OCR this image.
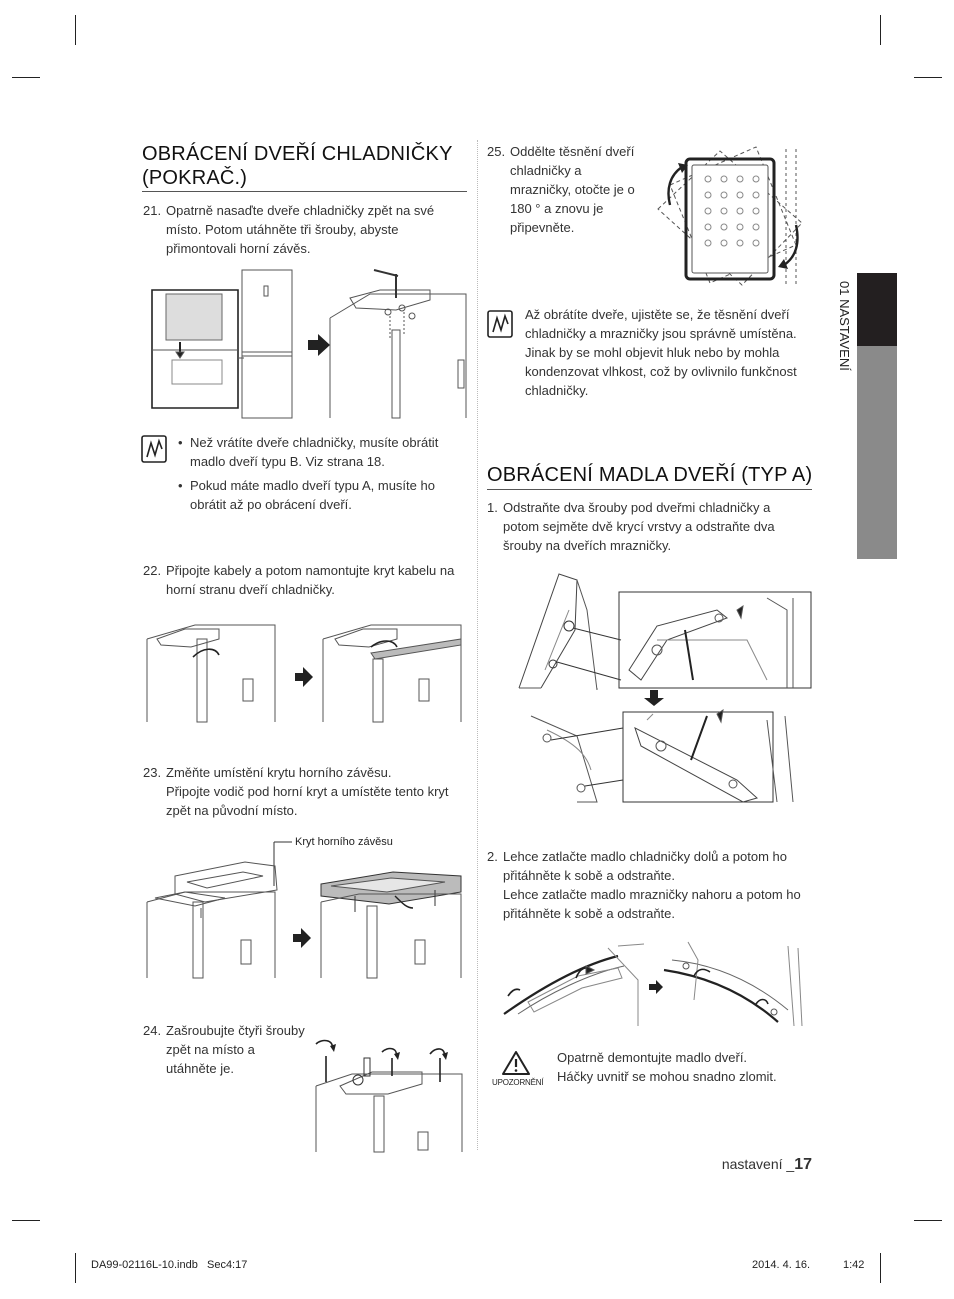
OBRÁCENÍ DVEŘÍ CHLADNIČKY
(POKRAČ.)
21. Opatrně nasaďte dveře chladničky zpět na své místo. Potom utáhněte tři šrouby, abyste přimontovali horní závěs.
• Než vrátíte dveře chladničky, musíte obrátit madlo dveří typu B. Viz strana 18.
• Pokud máte madlo dveří typu A, musíte ho obrátit až po obrácení dveří.
22. Připojte kabely a potom namontujte kryt kabelu na horní stranu dveří chladničky.
23. Změňte umístění krytu horního závěsu.
Připojte vodič pod horní kryt a umístěte tento kryt zpět na původní místo.
Kryt horního závěsu
24. Zašroubujte čtyři šrouby zpět na místo a utáhněte je.
25. Oddělte těsnění dveří chladničky a mrazničky, otočte je o 180 ° a znovu je připevněte.
Až obrátíte dveře, ujistěte se, že těsnění dveří chladničky a mrazničky jsou správně umístěna. Jinak by se mohl objevit hluk nebo by mohla kondenzovat vlhkost, což by ovlivnilo funkčnost chladničky.
OBRÁCENÍ MADLA DVEŘÍ (TYP A)
1. Odstraňte dva šrouby pod dveřmi chladničky a potom sejměte dvě krycí vrstvy a odstraňte dva šrouby na dveřích mrazničky.
2. Lehce zatlačte madlo chladničky dolů a potom ho přitáhněte k sobě a odstraňte.
Lehce zatlačte madlo mrazničky nahoru a potom ho přitáhněte k sobě a odstraňte.
UPOZORNĚNÍ
Opatrně demontujte madlo dveří.
Háčky uvnitř se mohou snadno zlomit.
01 NASTAVENÍ
nastavení _17
DA99-02116L-10.indb   Sec4:17	2014. 4. 16.	1:42
